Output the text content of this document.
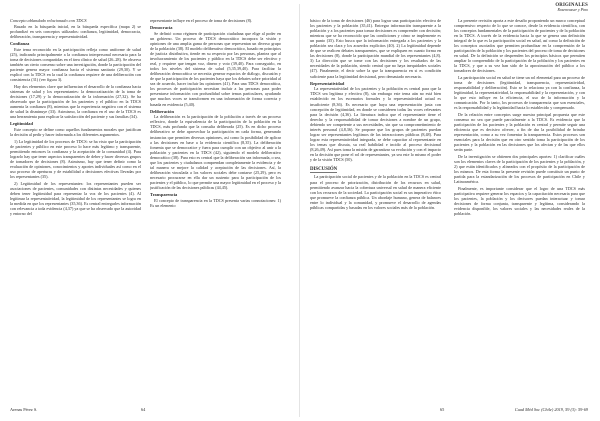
Concepto ablandado relacionado con TDCS

Basado en la búsqueda inicial, en la búsqueda específica (mapa 2) se profundizó en seis conceptos utilizados: confianza, legitimidad, democracia, deliberación, transparencia y representatividad.

Confianza

Este tema reconocido en la participación refleja como uniforme de salud (25), indicando principalmente a la confianza interpersonal necesaria para la toma de decisiones compartidas en el área clínico de salud (26–28). Se observa también un cierto consenso sobre una investigación, donde la participación del paciente genera mayor confianza hacia el sistema sanitario (29,30). Y se explicó con la TDCS en la cual la confianza requiere de una deliberación con consistencia (31) (ver figura 3).

Hay dos elementos clave que influencian el desarrollo de la confianza hacia sistemas de salud y los representantes: la democratización de la toma de decisiones (17,29) y la democratización de la información (27,32). Se ha observado que la participación de los pacientes y el público en la TDCS aumenta la confianza (8), mientras que la experiencia negativa con el sistema de salud la disminuye (33). Asimismo, la confianza en el uso de la TDCS es una herramienta para explicar la satisfacción del paciente y sus familias (34).

Legitimidad

Este concepto se define como aquellos fundamentos morales que justifican la decisión al pedir y hacer informada a los diferentes argumentos.

1) La legitimidad de los procesos de TDCS: se ha visto que la participación de pacientes y público en este proceso lo hace más legítimo y transparente, permitiendo entonces la confianza y la aceptación de la comunidad (4). Para lograrlo hay que tener aspectos transparentes de deber y hacer diversos grupos de tomadores de decisiones (8). Asimismo, hay que tener definir como la evaluación de opiniones, conocimientos y aportes individuales así como en el uso proceso de aperturas y de estabilidad a decisiones efectivas llevadas por los representantes (35).

2) Legitimidad de los representantes: los representantes pueden ser asociaciones de pacientes, comunidades con distintas necesidades y quienes deben tener legitimidad para representar la voz de los pacientes (4). Al legitimar la representatividad, la legitimidad de los representantes se logra en la medida en que los representantes (35,36). Es central entregarles información con relevancia a toda evidencia (4,37) ya que se ha observado que la autoridad y entorno del

representante influye en el proceso de toma de decisiones (8).

Democracia

Se definió como régimen de participación ciudadana que elige al poder en un gobierno. Un proceso de TDCS democrático incorpora la visión y opiniones de una amplia gama de personas que representan un diverso grupo de la población (38). El modelo deliberativo democrático, basado en principios de justicia distributiva, tiende en su respecto por las personas, plantea que al involucramiento de los pacientes y público en la TDCS debe ser efectivo y real, y requiere que tengan voz, dinero y voto (39,40). Para conseguirlo, en todos los niveles del sistema de salud (5,35,39,40). Para facilitar la deliberación democrática se necesita generar espacios de diálogo, discusión y de que la participación de los pacientes haya que los debates sobre prioridad al sea de acuerdo, hacer incluir las opiniones (41). Para una TDCS democrática, los procesos de participación necesitan incluir a las personas para poder presentarse información con profundidad sobre temas particulares, ayudando que muchos voces se transformen en una información de forma correcta y basada en evidencia (5,40).

Deliberación

La deliberación es la participación de la población a través de un proceso reflexivo, donde la equivalencia de la participación de la población en la TDCS, más profunda que la consulta deliberada (25). Es en dicho proceso deliberativo se debe aprovechar la participación en cada forma, generando instancias que permiten diversas opiniones, así como la posibilidad de aplicar a las decisiones en base a la evidencia científica (8,35). La deliberación fomenta que se democratice y fuera para cumplir con un objetivo al unir a la población y pacientes en la TDCS (42), siguiendo el modelo deliberativo democrático (38). Para esto es central que la deliberación sea informada, o sea, que los pacientes y ciudadanos comprendan completamente la evidencia y de tal manera se mejore la calidad y aceptación de las decisiones. Así, la deliberación vinculada a los valores sociales debe contarse (25,29), pero es necesario procurarse en ella dar un sustento para la participación de los pacientes y el público, lo que permite una mayor legitimidad en el proceso y la justificación de las decisiones públicas (44,45).

Transparencia

El concepto de transparencia en la TDCS presenta varias connotaciones: 1) Es un elemento

Arenas Pérez S.	64
ORIGINALES
Rosenvasser y Pino

básico de la toma de decisiones (46) para lograr una participación efectiva de los pacientes y la población (35,41). Entregar información transparente a la población y a los pacientes para tomar decisiones es comprender con decisión; mientras que se ha reconocido que las condiciones y cómo se implemente es un punto (35). Esto busca que la información entregada a los pacientes y la población sea clara y los acuerdos explícitos (40). 2) La legitimidad depende de que se realicen debates transparentes, que se expliquen en cuanto forma en las decisiones (8), donde la participación mundial de los representantes (4,8). 3) La dirección que se tome con las decisiones y los resultados de las necesidades de la población, siendo central que no haya inequidades sociales (47). Finalmente, el decir sobre la que la transparencia en si es condición suficiente para la legitimidad decisional, pero demasiado necesaria.

Representatividad

La representatividad de los pacientes y la población es central para que la TDCS sea legítima y efectiva (8), sin embargo este tema aún no está bien establecido en los escenarios formales y la representatividad actual es insuficiente (8,36). Es necesario que haya una representación justa con concepción de legitimidad, en donde se consideren todas las voces relevantes para la decisión (4,36). La literatura indica que el representante tiene el derecho y la responsabilidad de tomar decisiones a nombre de un grupo, debiendo ser competente a sus necesidades, sin que su comprometimiento de interés personal (4,8,36). Se propone que los grupos de pacientes puedan lograr ser representantes legítimos de las interacciones públicas (8,48). Para lograr esta representatividad integrada, se debe capacitar al representante en los temas que discuta, su real habilidad e incidir al proceso decisional (8,26,49). Así pues toma la misión de garantizar su evolución y con el impacto en la decisión que pone el rol de representantes, ya sea este lo mismo el poder y de la visión TDCS (50).

DISCUSIÓN

La participación social de pacientes y de la población en la TDCS es central para el proceso de priorización, distribución de los recursos en salud, permitiendo avanzar hacia la cobertura universal en salud de manera eficiente con los recursos de la sociedad. La participación social es un imperativo ético que promueve la confianza pública. Un abordaje humano, genera de balances entre lo individual y la comunidad, y promueve el desarrollo de agendas públicas compartidas y basadas en los valores sociales más de la población.

La presente revisión aporta a este desafío proponiendo un marco conceptual comprensivo respecto de lo que se conoce, desde la evidencia científica, con los conceptos fundamentales de la participación de pacientes y de la población en la TDCS. A través de la evidencia hacia la que se genera una definición integral de lo que es la participación social en salud, así como la definición de los conceptos asociados que permiten profundizar en la comprensión de la participación de la población y los pacientes del proceso de toma de decisiones en salud. De la definición se desprenden los principios básicos que permiten ampliar lo comprendido de la participación de la población y los pacientes en la TDCS, y que a su vez han sido de la aproximación del público a los tomadores de decisiones.

La participación social en salud se tiene un rol elemental para un proceso de toma de decisiones (legitimidad, transparencia, representatividad, responsabilidad y deliberación). Esto se lo relaciona ya con la confianza, la legitimidad, la representatividad, la responsabilidad y la representación, y con lo que esto influye en la eficiencia, el uso de la información y la comunicación. Por lo tanto, los procesos de transparencia que son esenciales, es la responsabilidad y la legitimidad hacia lo establecido y compensado.

De la relación entre conceptos surge nuestra principal propuesta que este consenso no sea que puede parcialmente a la TDCS. Es evidencia que la participación de los pacientes y la población es central y permite seguir una eficiencia que es decisivo ofrecer, a fin de dar la posibilidad de brindar representación, como a su vez fomentar la transparencia. Estos procesos son esenciales para la decisión que en otro sentido toma la participación de los pacientes y la población en las decisiones que los afectan y de las que ellos serán parte.

De la investigación se obtienen dos principales aportes: 1) clarificar cuáles son los elementos claves de la participación de los pacientes y la población, y 2) que están identificados y alineados con el propósito de la participación de los mismos. De esta forma la presente revisión puede constituir un punto de partida para la estandarización de los procesos de participación en Chile y Latinoamérica.

Finalmente, es importante considerar que el logro de una TDCS más participativa requiere generar los espacios y la capacitación necesaria para que los pacientes, la población y los decisores puedan interactuar y tomar decisiones de forma conjunta, transparente y legítima, considerando la evidencia disponible, los valores sociales y las necesidades reales de la población.

65	Cuad Méd Soc (Chile) 2019, 59 (3): 59-69
